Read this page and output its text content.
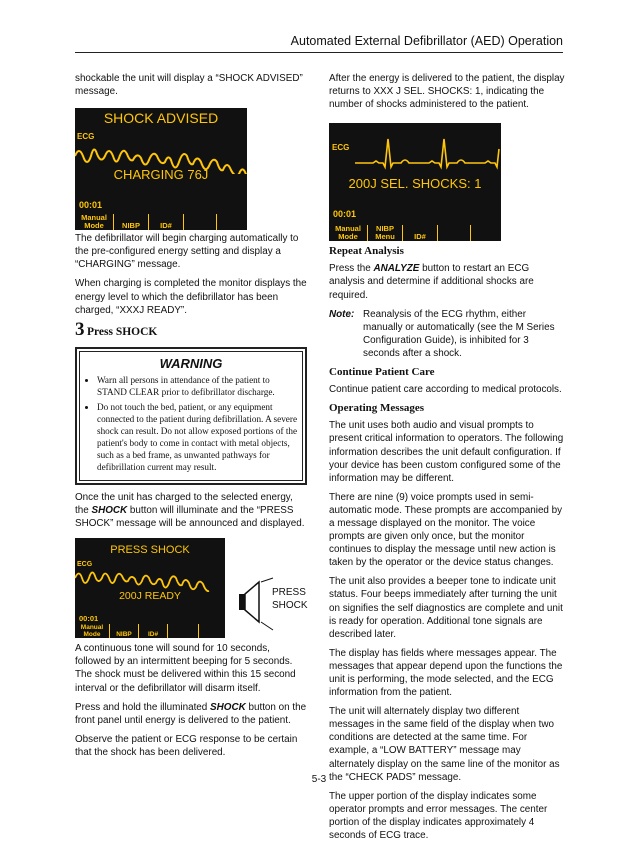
Automated External Defibrillator (AED) Operation

shockable the unit will display a “SHOCK ADVISED” message.

SHOCK ADVISED
ECG
CHARGING 76J
00:01
Manual Mode	NIBP	ID#

The defibrillator will begin charging automatically to the pre-configured energy setting and display a “CHARGING” message.

When charging is completed the monitor displays the energy level to which the defibrillator has been charged, “XXXJ READY”.

3 Press SHOCK
WARNING
• Warn all persons in attendance of the patient to STAND CLEAR prior to defibrillator discharge.
• Do not touch the bed, patient, or any equipment connected to the patient during defibrillation. A severe shock can result. Do not allow exposed portions of the patient's body to come in contact with metal objects, such as a bed frame, as unwanted pathways for defibrillation current may result.

Once the unit has charged to the selected energy, the SHOCK button will illuminate and the “PRESS SHOCK” message will be announced and displayed.

PRESS SHOCK
ECG
200J READY
00:01
Manual Mode	NIBP	ID#
PRESS
SHOCK

A continuous tone will sound for 10 seconds, followed by an intermittent beeping for 5 seconds. The shock must be delivered within this 15 second interval or the defibrillator will disarm itself.

Press and hold the illuminated SHOCK button on the front panel until energy is delivered to the patient.

Observe the patient or ECG response to be certain that the shock has been delivered.

After the energy is delivered to the patient, the display returns to XXX J SEL. SHOCKS: 1, indicating the number of shocks administered to the patient.

ECG
200J SEL. SHOCKS: 1
00:01
Manual Mode
NIBP Menu	ID#
Repeat Analysis

Press the ANALYZE button to restart an ECG analysis and determine if additional shocks are required.

Note: Reanalysis of the ECG rhythm, either manually or automatically (see the M Series Configuration Guide), is inhibited for 3 seconds after a shock.
Continue Patient Care

Continue patient care according to medical protocols.

Operating Messages

The unit uses both audio and visual prompts to present critical information to operators. The following information describes the unit default configuration. If your device has been custom configured some of the information may be different.

There are nine (9) voice prompts used in semi-automatic mode. These prompts are accompanied by a message displayed on the monitor. The voice prompts are given only once, but the monitor continues to display the message until new action is taken by the operator or the device status changes.

The unit also provides a beeper tone to indicate unit status. Four beeps immediately after turning the unit on signifies the self diagnostics are complete and unit is ready for operation. Additional tone signals are described later.

The display has fields where messages appear. The messages that appear depend upon the functions the unit is performing, the mode selected, and the ECG information from the patient.

The unit will alternately display two different messages in the same field of the display when two conditions are detected at the same time. For example, a “LOW BATTERY” message may alternately display on the same line of the monitor as the “CHECK PADS” message.

The upper portion of the display indicates some operator prompts and error messages. The center portion of the display indicates approximately 4 seconds of ECG trace.

5-3
